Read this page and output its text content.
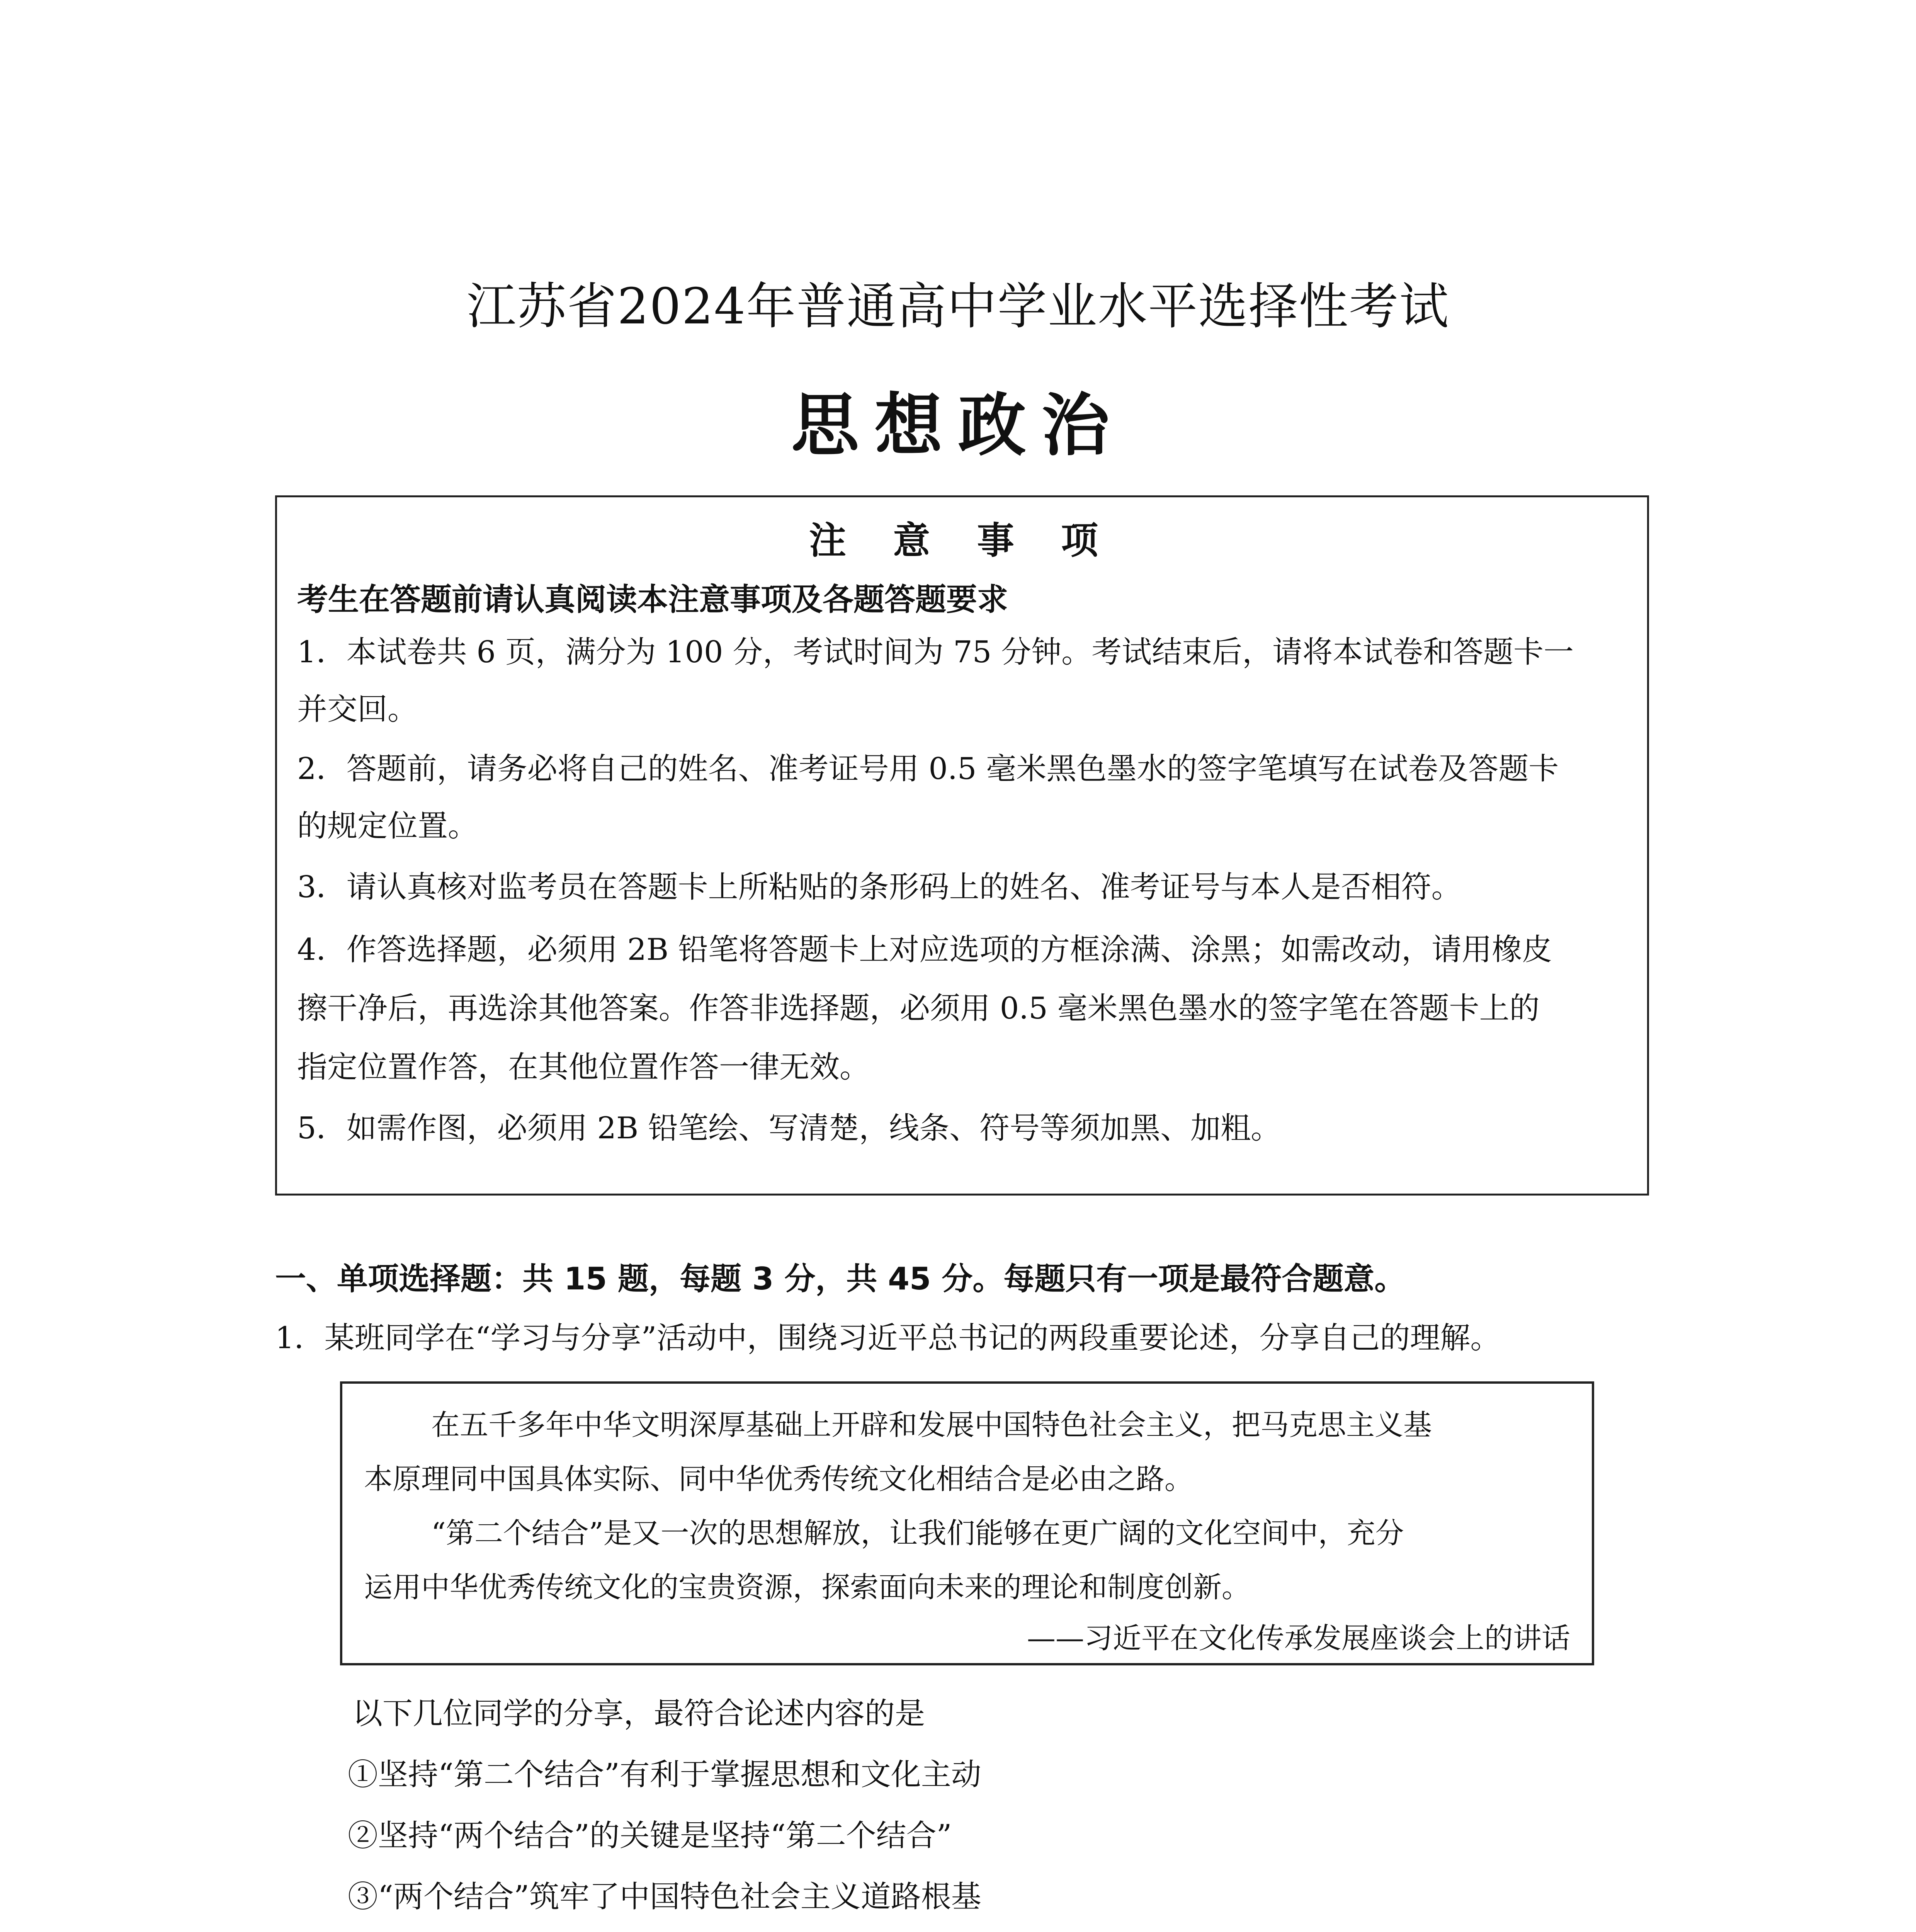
江苏省2024年普通高中学业水平选择性考试
思想政治
注 意 事 项
考生在答题前请认真阅读本注意事项及各题答题要求
1．本试卷共 6 页，满分为 100 分，考试时间为 75 分钟。考试结束后，请将本试卷和答题卡一
并交回。
2．答题前，请务必将自己的姓名、准考证号用 0.5 毫米黑色墨水的签字笔填写在试卷及答题卡
的规定位置。
3．请认真核对监考员在答题卡上所粘贴的条形码上的姓名、准考证号与本人是否相符。
4．作答选择题，必须用 2B 铅笔将答题卡上对应选项的方框涂满、涂黑；如需改动，请用橡皮
擦干净后，再选涂其他答案。作答非选择题，必须用 0.5 毫米黑色墨水的签字笔在答题卡上的
指定位置作答，在其他位置作答一律无效。
5．如需作图，必须用 2B 铅笔绘、写清楚，线条、符号等须加黑、加粗。
一、单项选择题：共 15 题，每题 3 分，共 45 分。每题只有一项是最符合题意。
1．某班同学在“学习与分享”活动中，围绕习近平总书记的两段重要论述，分享自己的理解。
在五千多年中华文明深厚基础上开辟和发展中国特色社会主义，把马克思主义基
本原理同中国具体实际、同中华优秀传统文化相结合是必由之路。
“第二个结合”是又一次的思想解放，让我们能够在更广阔的文化空间中，充分
运用中华优秀传统文化的宝贵资源，探索面向未来的理论和制度创新。
——习近平在文化传承发展座谈会上的讲话
以下几位同学的分享，最符合论述内容的是
①坚持“第二个结合”有利于掌握思想和文化主动
②坚持“两个结合”的关键是坚持“第二个结合”
③“两个结合”筑牢了中国特色社会主义道路根基
